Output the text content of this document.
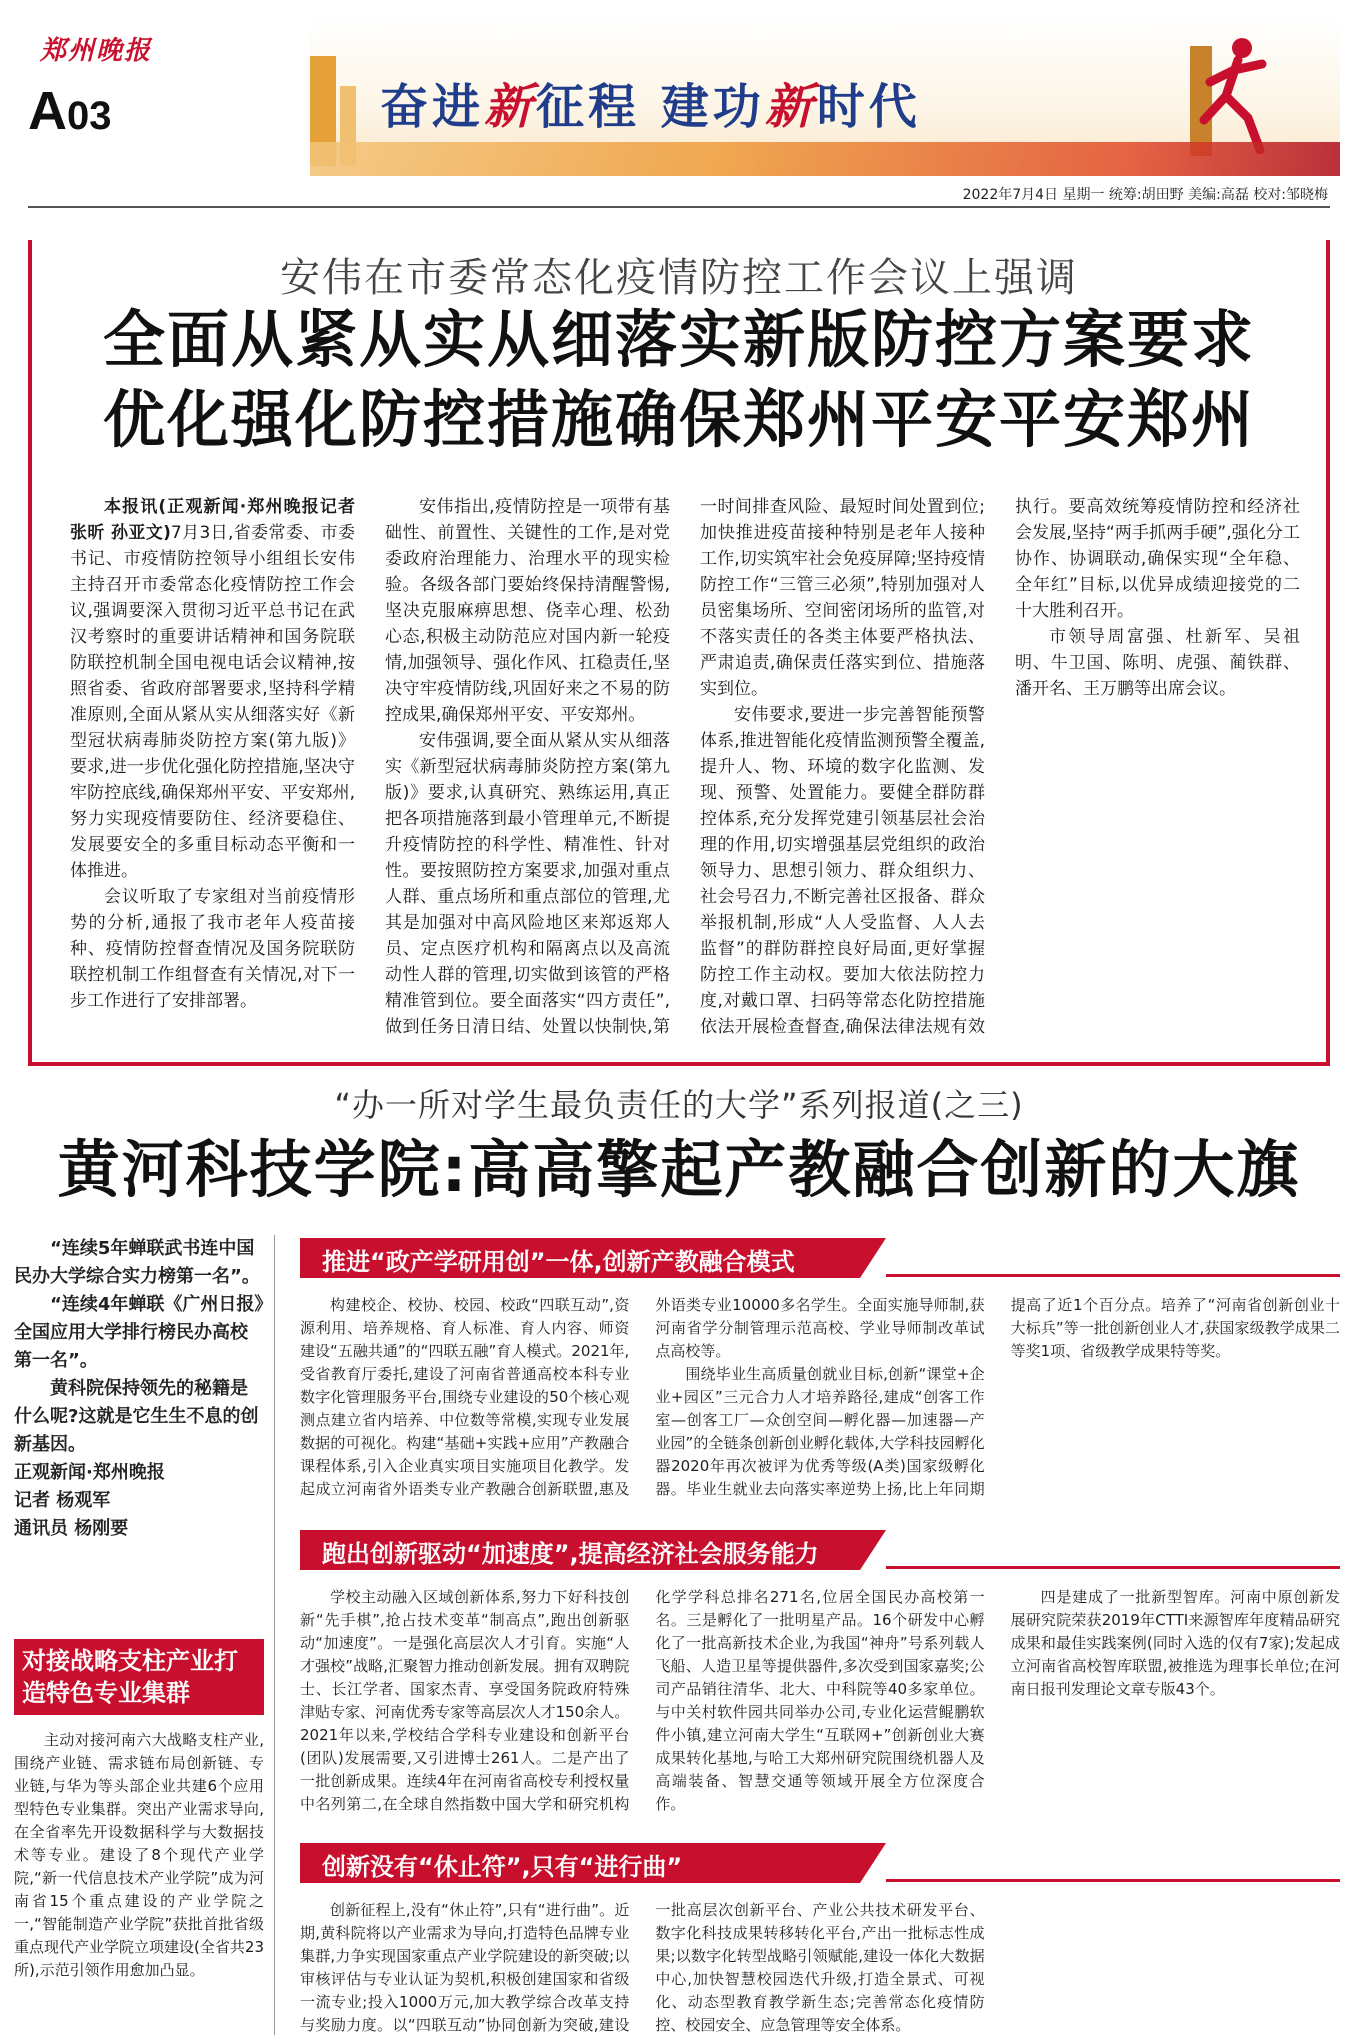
郑州晚报
A03	奋进新征程 建功新时代
2022年7月4日 星期一 统筹:胡田野 美编:高磊 校对:邹晓梅
安伟在市委常态化疫情防控工作会议上强调
全面从紧从实从细落实新版防控方案要求
优化强化防控措施确保郑州平安平安郑州

本报讯(正观新闻·郑州晚报记者 张昕 孙亚文)7月3日,省委常委、市委书记、市疫情防控领导小组组长安伟主持召开市委常态化疫情防控工作会议,强调要深入贯彻习近平总书记在武汉考察时的重要讲话精神和国务院联防联控机制全国电视电话会议精神,按照省委、省政府部署要求,坚持科学精准原则,全面从紧从实从细落实好《新型冠状病毒肺炎防控方案(第九版)》要求,进一步优化强化防控措施,坚决守牢防控底线,确保郑州平安、平安郑州,努力实现疫情要防住、经济要稳住、发展要安全的多重目标动态平衡和一体推进。

会议听取了专家组对当前疫情形势的分析,通报了我市老年人疫苗接种、疫情防控督查情况及国务院联防联控机制工作组督查有关情况,对下一步工作进行了安排部署。

安伟指出,疫情防控是一项带有基础性、前置性、关键性的工作,是对党委政府治理能力、治理水平的现实检验。各级各部门要始终保持清醒警惕,坚决克服麻痹思想、侥幸心理、松劲心态,积极主动防范应对国内新一轮疫情,加强领导、强化作风、扛稳责任,坚决守牢疫情防线,巩固好来之不易的防控成果,确保郑州平安、平安郑州。

安伟强调,要全面从紧从实从细落实《新型冠状病毒肺炎防控方案(第九版)》要求,认真研究、熟练运用,真正把各项措施落到最小管理单元,不断提升疫情防控的科学性、精准性、针对性。要按照防控方案要求,加强对重点人群、重点场所和重点部位的管理,尤其是加强对中高风险地区来郑返郑人员、定点医疗机构和隔离点以及高流动性人群的管理,切实做到该管的严格精准管到位。要全面落实“四方责任”,做到任务日清日结、处置以快制快,第一时间排查风险、最短时间处置到位;加快推进疫苗接种特别是老年人接种工作,切实筑牢社会免疫屏障;坚持疫情防控工作“三管三必须”,特别加强对人员密集场所、空间密闭场所的监管,对不落实责任的各类主体要严格执法、严肃追责,确保责任落实到位、措施落实到位。

安伟要求,要进一步完善智能预警体系,推进智能化疫情监测预警全覆盖,提升人、物、环境的数字化监测、发现、预警、处置能力。要健全群防群控体系,充分发挥党建引领基层社会治理的作用,切实增强基层党组织的政治领导力、思想引领力、群众组织力、社会号召力,不断完善社区报备、群众举报机制,形成“人人受监督、人人去监督”的群防群控良好局面,更好掌握防控工作主动权。要加大依法防控力度,对戴口罩、扫码等常态化防控措施依法开展检查督查,确保法律法规有效执行。要高效统筹疫情防控和经济社会发展,坚持“两手抓两手硬”,强化分工协作、协调联动,确保实现“全年稳、全年红”目标,以优异成绩迎接党的二十大胜利召开。

市领导周富强、杜新军、吴祖明、牛卫国、陈明、虎强、蔺铁群、潘开名、王万鹏等出席会议。

“办一所对学生最负责任的大学”系列报道(之三)
黄河科技学院:高高擎起产教融合创新的大旗

“连续5年蝉联武书连中国民办大学综合实力榜第一名”。

“连续4年蝉联《广州日报》全国应用大学排行榜民办高校第一名”。

黄科院保持领先的秘籍是什么呢?这就是它生生不息的创新基因。

正观新闻·郑州晚报

记者 杨观军

通讯员 杨刚要

对接战略支柱产业打造特色专业集群

主动对接河南六大战略支柱产业,围绕产业链、需求链布局创新链、专业链,与华为等头部企业共建6个应用型特色专业集群。突出产业需求导向,在全省率先开设数据科学与大数据技术等专业。建设了8个现代产业学院,“新一代信息技术产业学院”成为河南省15个重点建设的产业学院之一,“智能制造产业学院”获批首批省级重点现代产业学院立项建设(全省共23所),示范引领作用愈加凸显。

推进“政产学研用创”一体,创新产教融合模式

构建校企、校协、校园、校政“四联互动”,资源利用、培养规格、育人标准、育人内容、师资建设“五融共通”的“四联五融”育人模式。2021年,受省教育厅委托,建设了河南省普通高校本科专业数字化管理服务平台,围绕专业建设的50个核心观测点建立省内培养、中位数等常模,实现专业发展数据的可视化。构建“基础+实践+应用”产教融合课程体系,引入企业真实项目实施项目化教学。发起成立河南省外语类专业产教融合创新联盟,惠及外语类专业10000多名学生。全面实施导师制,获河南省学分制管理示范高校、学业导师制改革试点高校等。

围绕毕业生高质量创就业目标,创新“课堂+企业+园区”三元合力人才培养路径,建成“创客工作室—创客工厂—众创空间—孵化器—加速器—产业园”的全链条创新创业孵化载体,大学科技园孵化器2020年再次被评为优秀等级(A类)国家级孵化器。毕业生就业去向落实率逆势上扬,比上年同期提高了近1个百分点。培养了“河南省创新创业十大标兵”等一批创新创业人才,获国家级教学成果二等奖1项、省级教学成果特等奖。

跑出创新驱动“加速度”,提高经济社会服务能力

学校主动融入区域创新体系,努力下好科技创新“先手棋”,抢占技术变革“制高点”,跑出创新驱动“加速度”。一是强化高层次人才引育。实施“人才强校”战略,汇聚智力推动创新发展。拥有双聘院士、长江学者、国家杰青、享受国务院政府特殊津贴专家、河南优秀专家等高层次人才150余人。2021年以来,学校结合学科专业建设和创新平台(团队)发展需要,又引进博士261人。二是产出了一批创新成果。连续4年在河南省高校专利授权量中名列第二,在全球自然指数中国大学和研究机构化学学科总排名271名,位居全国民办高校第一名。三是孵化了一批明星产品。16个研发中心孵化了一批高新技术企业,为我国“神舟”号系列载人飞船、人造卫星等提供器件,多次受到国家嘉奖;公司产品销往清华、北大、中科院等40多家单位。与中关村软件园共同举办公司,专业化运营鲲鹏软件小镇,建立河南大学生“互联网+”创新创业大赛成果转化基地,与哈工大郑州研究院围绕机器人及高端装备、智慧交通等领域开展全方位深度合作。

四是建成了一批新型智库。河南中原创新发展研究院荣获2019年CTTI来源智库年度精品研究成果和最佳实践案例(同时入选的仅有7家);发起成立河南省高校智库联盟,被推选为理事长单位;在河南日报刊发理论文章专版43个。

创新没有“休止符”,只有“进行曲”

创新征程上,没有“休止符”,只有“进行曲”。近期,黄科院将以产业需求为导向,打造特色品牌专业集群,力争实现国家重点产业学院建设的新突破;以审核评估与专业认证为契机,积极创建国家和省级一流专业;投入1000万元,加大教学综合改革支持与奖励力度。以“四联互动”协同创新为突破,建设一批高层次创新平台、产业公共技术研发平台、数字化科技成果转移转化平台,产出一批标志性成果;以数字化转型战略引领赋能,建设一体化大数据中心,加快智慧校园迭代升级,打造全景式、可视化、动态型教育教学新生态;完善常态化疫情防控、校园安全、应急管理等安全体系。
